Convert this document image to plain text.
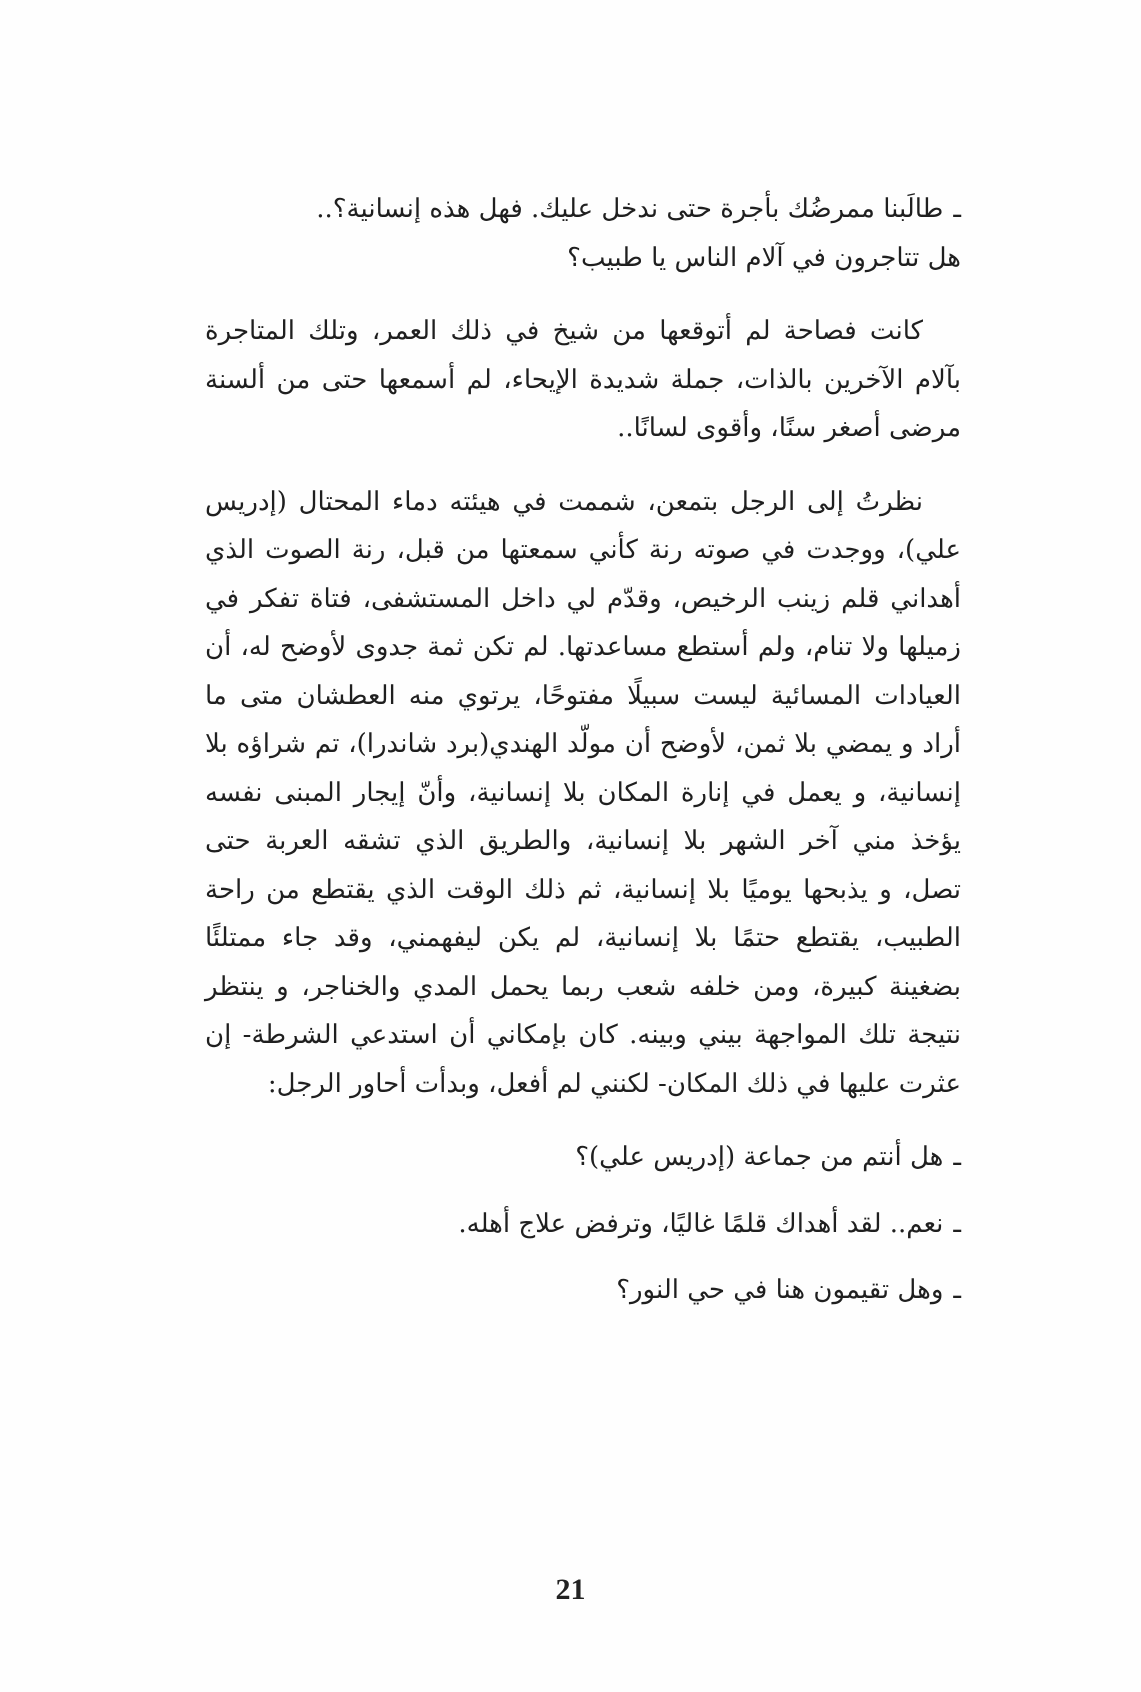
ـطالَبنا ممرضُك بأجرة حتى ندخل عليك. فهل هذه إنسانية؟..

هل تتاجرون في آلام الناس يا طبيب؟

كانت فصاحة لم أتوقعها من شيخ في ذلك العمر، وتلك المتاجرة بآلام الآخرين بالذات، جملة شديدة الإيحاء، لم أسمعها حتى من ألسنة مرضى أصغر سنًا، وأقوى لسانًا..

نظرتُ إلى الرجل بتمعن، شممت في هيئته دماء المحتال (إدريس علي)، ووجدت في صوته رنة كأني سمعتها من قبل، رنة الصوت الذي أهداني قلم زينب الرخيص، وقدّم لي داخل المستشفى، فتاة تفكر في زميلها ولا تنام، ولم أستطع مساعدتها. لم تكن ثمة جدوى لأوضح له، أن العيادات المسائية ليست سبيلًا مفتوحًا، يرتوي منه العطشان متى ما أراد و يمضي بلا ثمن، لأوضح أن مولّد الهندي(برد شاندرا)، تم شراؤه بلا إنسانية، و يعمل في إنارة المكان بلا إنسانية، وأنّ إيجار المبنى نفسه يؤخذ مني آخر الشهر بلا إنسانية، والطريق الذي تشقه العربة حتى تصل، و يذبحها يوميًا بلا إنسانية، ثم ذلك الوقت الذي يقتطع من راحة الطبيب، يقتطع حتمًا بلا إنسانية، لم يكن ليفهمني، وقد جاء ممتلئًا بضغينة كبيرة، ومن خلفه شعب ربما يحمل المدي والخناجر، و ينتظر نتيجة تلك المواجهة بيني وبينه. كان بإمكاني أن استدعي الشرطة- إن عثرت عليها في ذلك المكان- لكنني لم أفعل، وبدأت أحاور الرجل:

ـهل أنتم من جماعة (إدريس علي)؟

ـنعم.. لقد أهداك قلمًا غاليًا، وترفض علاج أهله.

ـوهل تقيمون هنا في حي النور؟

21
